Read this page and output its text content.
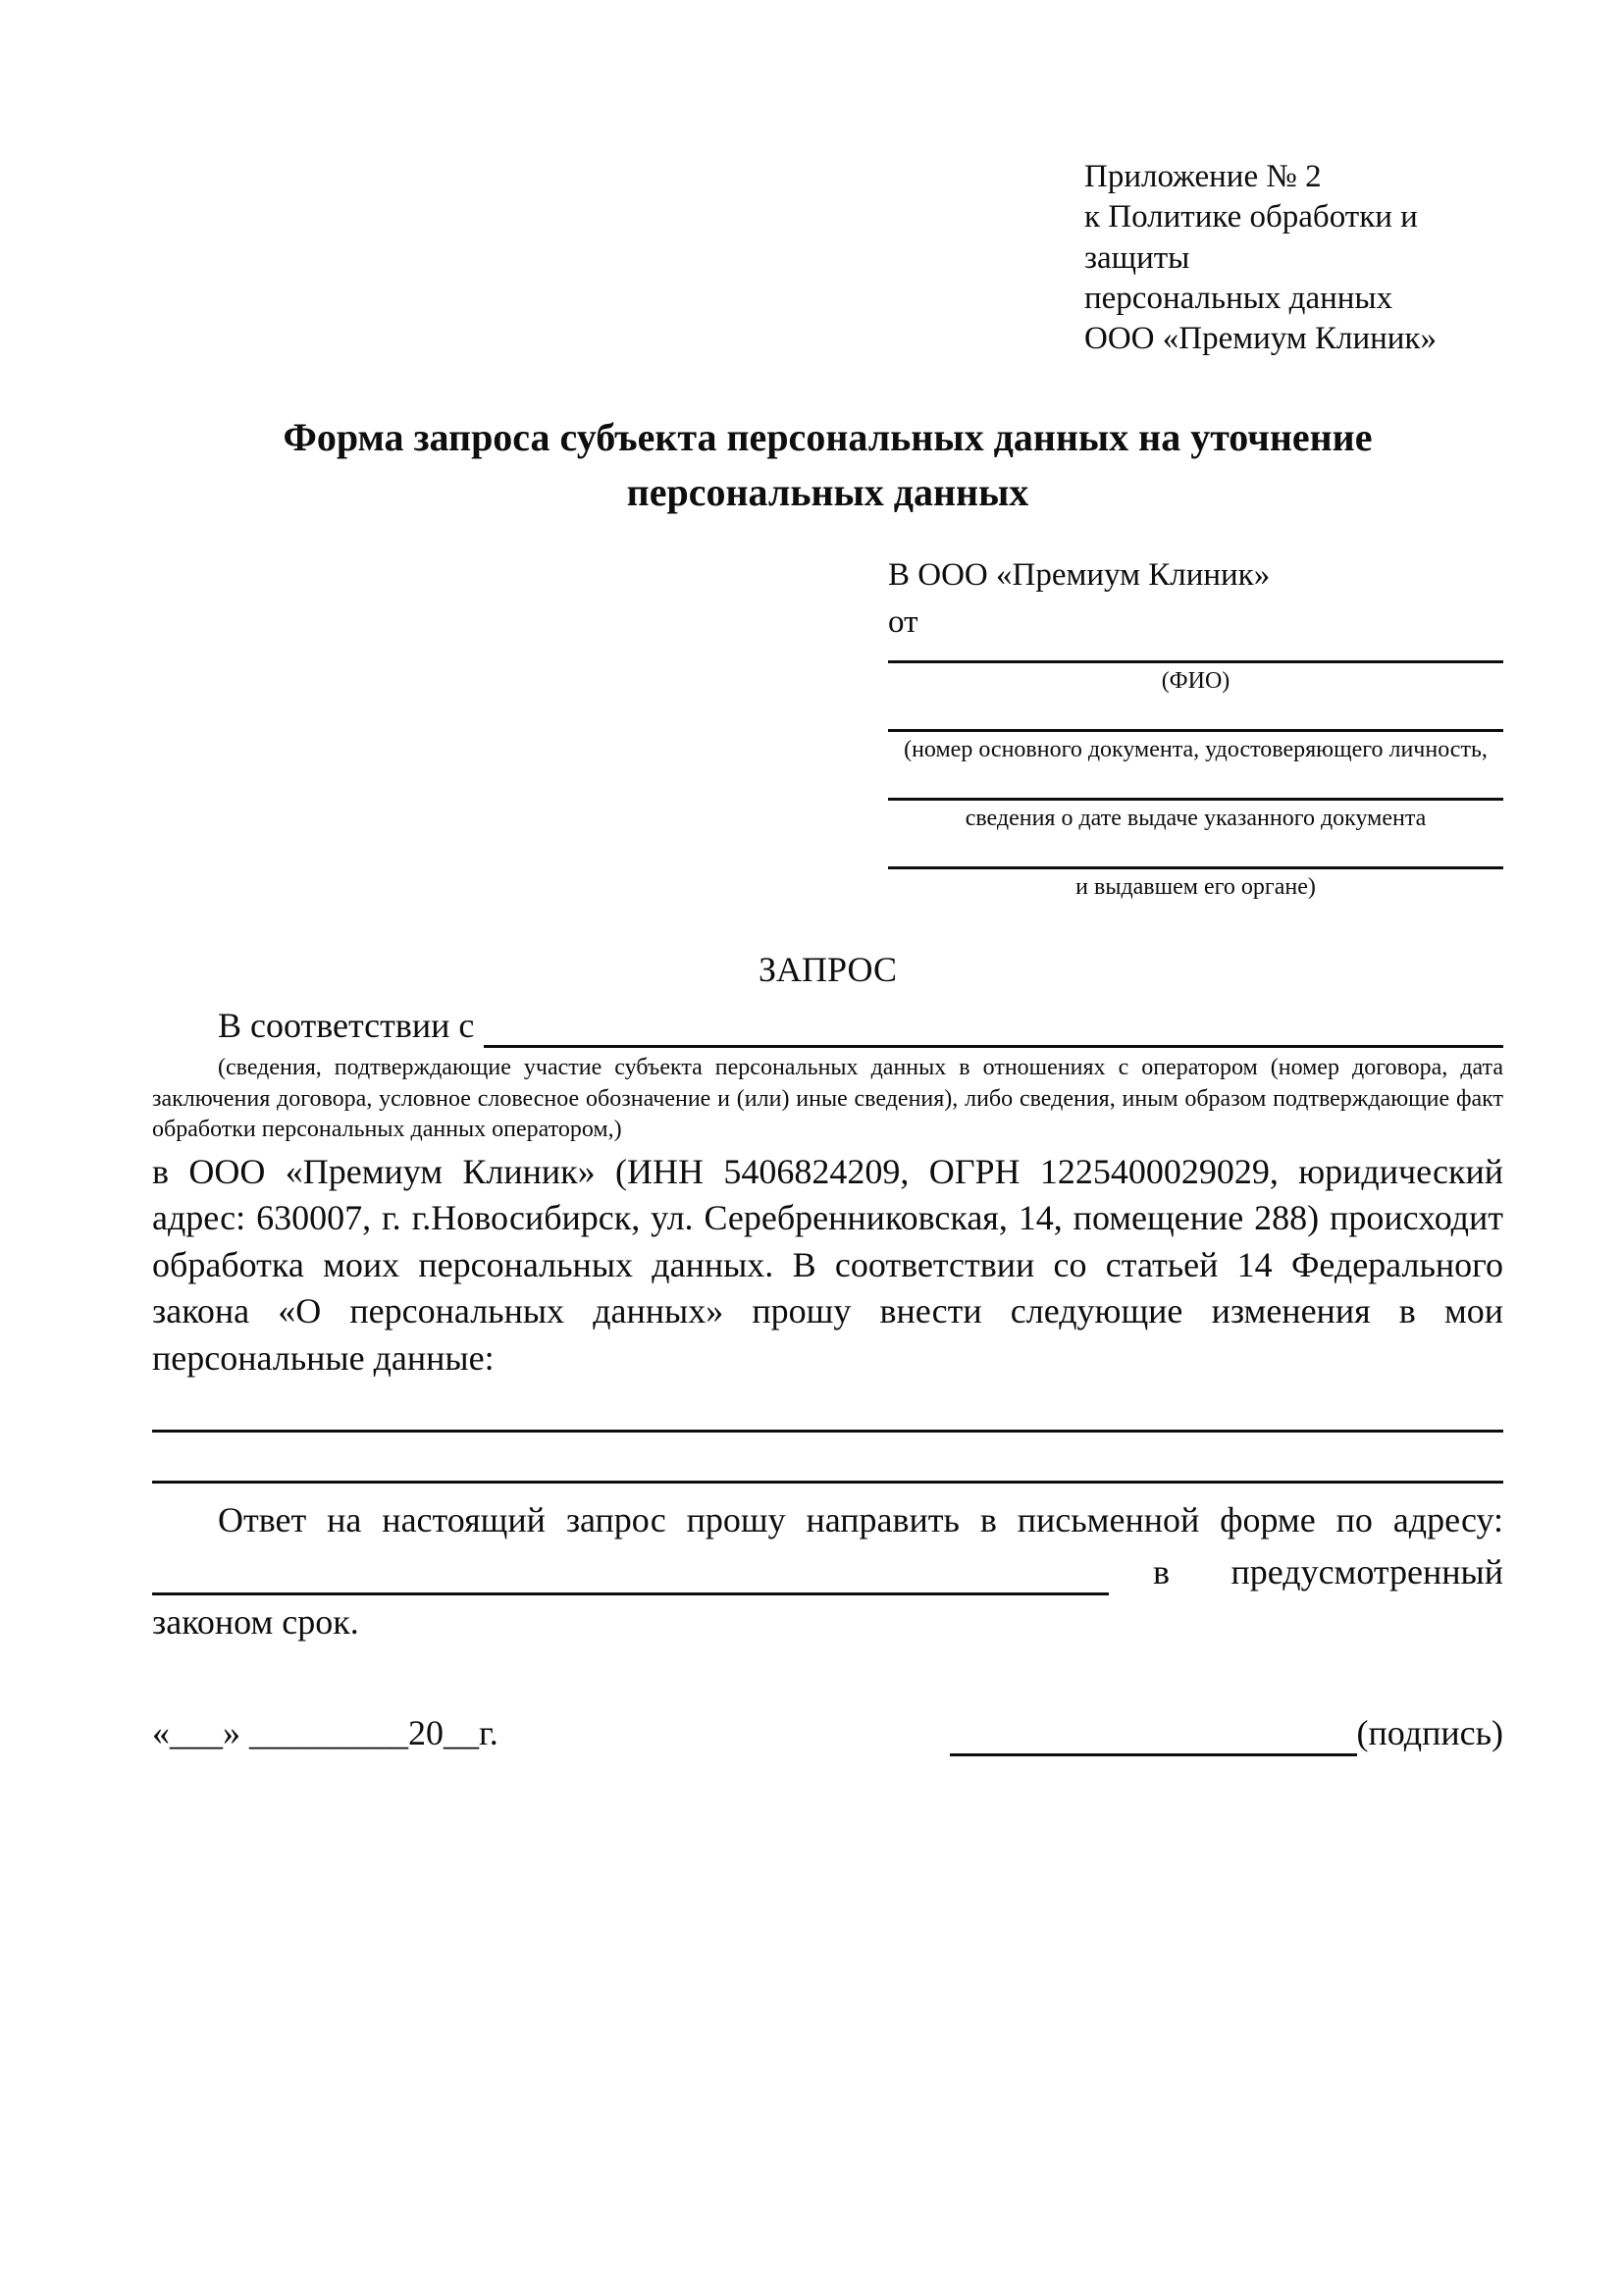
Приложение № 2
к Политике обработки и защиты
персональных данных
ООО «Премиум Клиник»
Форма запроса субъекта персональных данных на уточнение персональных данных
В ООО «Премиум Клиник»
от
(ФИО)
(номер основного документа, удостоверяющего личность,
сведения о дате выдаче указанного документа
и выдавшем его органе)
ЗАПРОС
В соответствии с
(сведения, подтверждающие участие субъекта персональных данных в отношениях с оператором (номер договора, дата заключения договора, условное словесное обозначение и (или) иные сведения), либо сведения, иным образом подтверждающие факт обработки персональных данных оператором,)

в ООО «Премиум Клиник» (ИНН 5406824209, ОГРН 1225400029029, юридический адрес: 630007, г. г.Новосибирск, ул. Серебренниковская, 14, помещение 288) происходит обработка моих персональных данных. В соответствии со статьей 14 Федерального закона «О персональных данных» прошу внести следующие изменения в мои персональные данные:

Ответ на настоящий запрос прошу направить в письменной форме по адресу:
в предусмотренный
законом срок.
«___» _________20__г.	(подпись)
